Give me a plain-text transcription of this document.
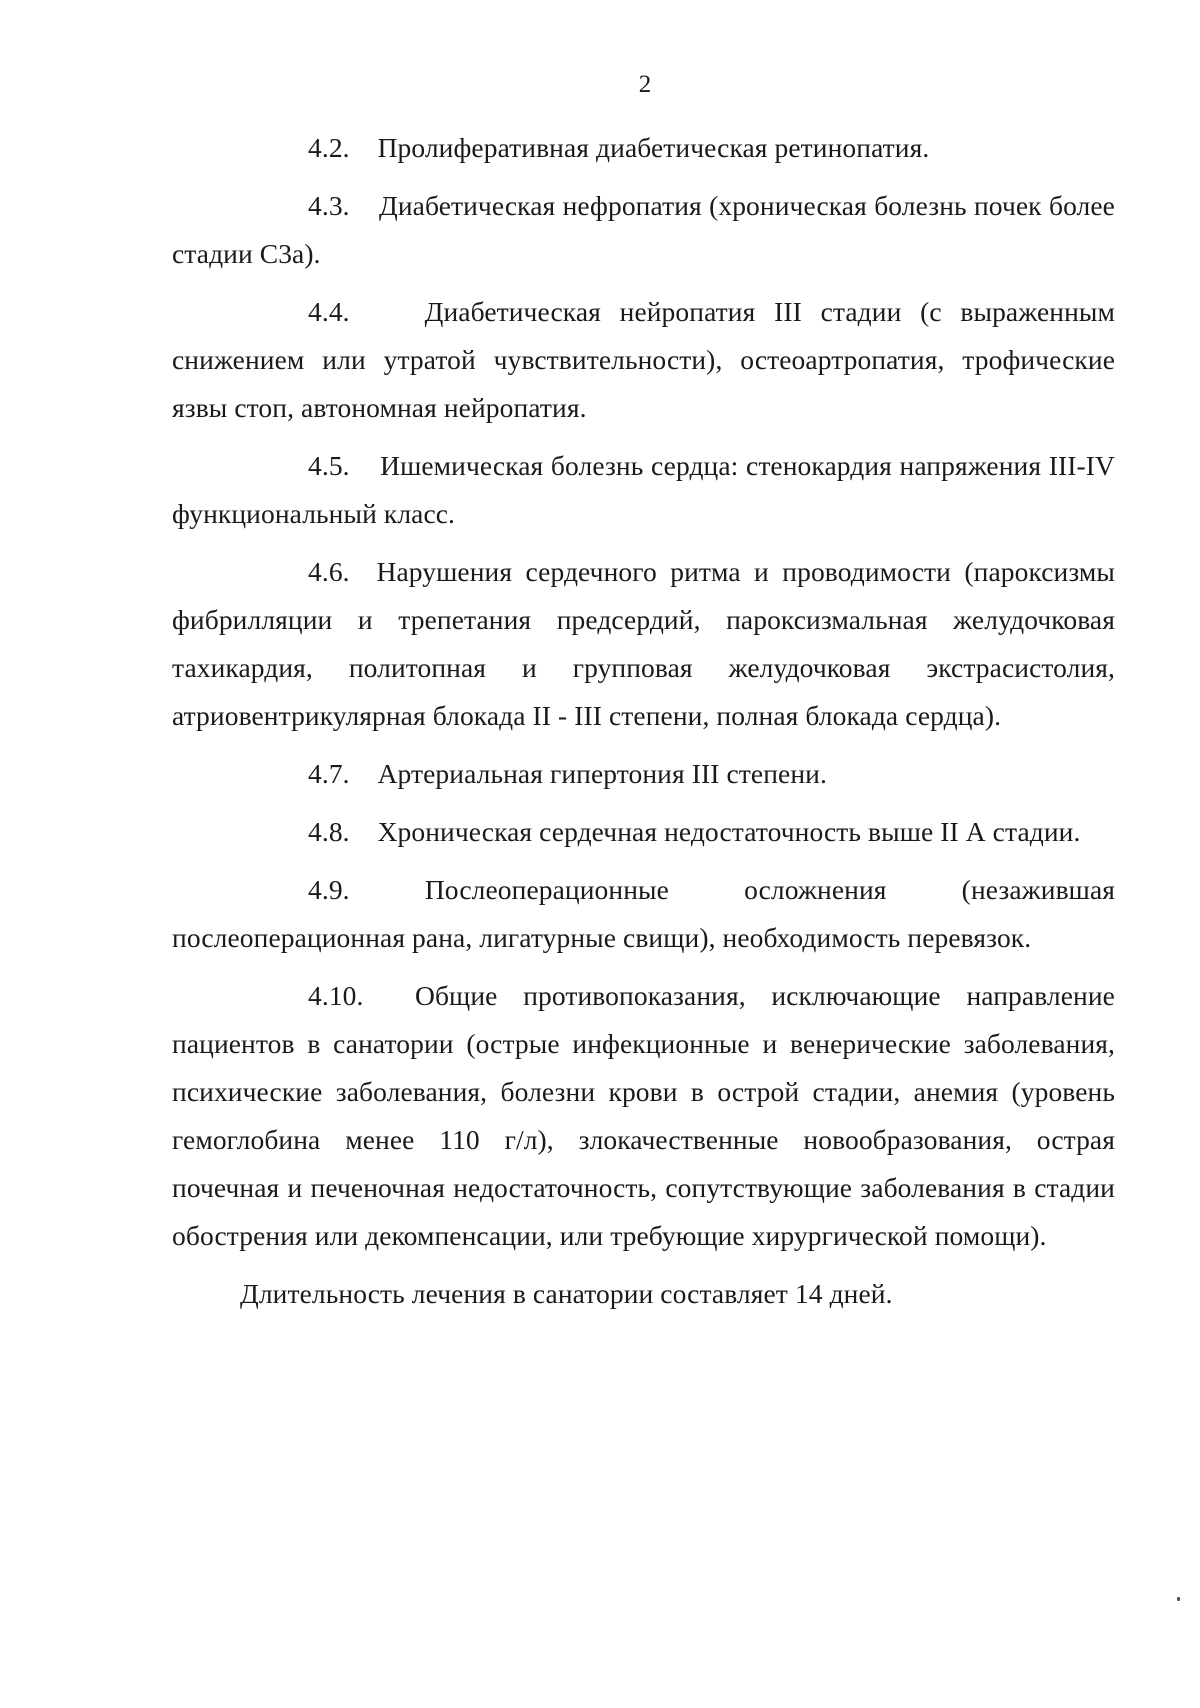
2

4.2. Пролиферативная диабетическая ретинопатия.

4.3. Диабетическая нефропатия (хроническая болезнь почек более стадии С3а).

4.4.	Диабетическая нейропатия III стадии (с выраженным снижением или утратой чувствительности), остеоартропатия, трофические язвы стоп, автономная нейропатия.

4.5. Ишемическая болезнь сердца: стенокардия напряжения III-IV функциональный класс.

4.6. Нарушения сердечного ритма и проводимости (пароксизмы фибрилляции и трепетания предсердий, пароксизмальная желудочковая тахикардия, политопная и групповая желудочковая экстрасистолия, атриовентрикулярная блокада II - III степени, полная блокада сердца).

4.7. Артериальная гипертония III степени.

4.8. Хроническая сердечная недостаточность выше II А стадии.

4.9.	Послеоперационные осложнения (незажившая послеоперационная рана, лигатурные свищи), необходимость перевязок.

4.10. Общие противопоказания, исключающие направление пациентов в санатории (острые инфекционные и венерические заболевания, психические заболевания, болезни крови в острой стадии, анемия (уровень гемоглобина менее 110 г/л), злокачественные новообразования, острая почечная и печеночная недостаточность, сопутствующие заболевания в стадии обострения или декомпенсации, или требующие хирургической помощи).

Длительность лечения в санатории составляет 14 дней.
